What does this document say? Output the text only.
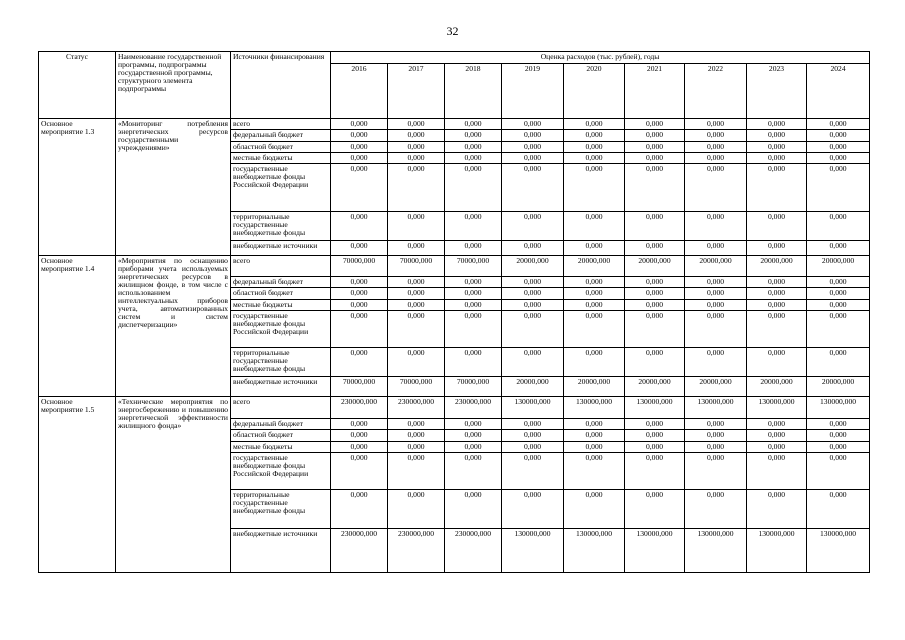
32
Статус	Наименование государственной программы, подпрограммы государственной программы, структурного элемента подпрограммы	Источники финансирования	Оценка расходов (тыс. рублей), годы								
			2016	2017	2018	2019	2020	2021	2022	2023	2024
Основное мероприятие 1.3	«Мониторинг потребления энергетических ресурсов государственными учреждениями»	всего	0,000	0,000	0,000	0,000	0,000	0,000	0,000	0,000	0,000
		федеральный бюджет	0,000	0,000	0,000	0,000	0,000	0,000	0,000	0,000	0,000
		областной бюджет	0,000	0,000	0,000	0,000	0,000	0,000	0,000	0,000	0,000
		местные бюджеты	0,000	0,000	0,000	0,000	0,000	0,000	0,000	0,000	0,000
		государственные внебюджетные фонды Российской Федерации	0,000	0,000	0,000	0,000	0,000	0,000	0,000	0,000	0,000
		территориальные государственные внебюджетные фонды	0,000	0,000	0,000	0,000	0,000	0,000	0,000	0,000	0,000
		внебюджетные источники	0,000	0,000	0,000	0,000	0,000	0,000	0,000	0,000	0,000
Основное мероприятие 1.4	«Мероприятия по оснащению приборами учета используемых энергетических ресурсов в жилищном фонде, в том числе с использованием интеллектуальных приборов учета, автоматизированных систем и систем диспетчеризации»	всего	70000,000	70000,000	70000,000	20000,000	20000,000	20000,000	20000,000	20000,000	20000,000
		федеральный бюджет	0,000	0,000	0,000	0,000	0,000	0,000	0,000	0,000	0,000
		областной бюджет	0,000	0,000	0,000	0,000	0,000	0,000	0,000	0,000	0,000
		местные бюджеты	0,000	0,000	0,000	0,000	0,000	0,000	0,000	0,000	0,000
		государственные внебюджетные фонды Российской Федерации	0,000	0,000	0,000	0,000	0,000	0,000	0,000	0,000	0,000
		территориальные государственные внебюджетные фонды	0,000	0,000	0,000	0,000	0,000	0,000	0,000	0,000	0,000
		внебюджетные источники	70000,000	70000,000	70000,000	20000,000	20000,000	20000,000	20000,000	20000,000	20000,000
Основное мероприятие 1.5	«Технические мероприятия по энергосбережению и повышению энергетической эффективности жилищного фонда»	всего	230000,000	230000,000	230000,000	130000,000	130000,000	130000,000	130000,000	130000,000	130000,000
		федеральный бюджет	0,000	0,000	0,000	0,000	0,000	0,000	0,000	0,000	0,000
		областной бюджет	0,000	0,000	0,000	0,000	0,000	0,000	0,000	0,000	0,000
		местные бюджеты	0,000	0,000	0,000	0,000	0,000	0,000	0,000	0,000	0,000
		государственные внебюджетные фонды Российской Федерации	0,000	0,000	0,000	0,000	0,000	0,000	0,000	0,000	0,000
		территориальные государственные внебюджетные фонды	0,000	0,000	0,000	0,000	0,000	0,000	0,000	0,000	0,000
		внебюджетные источники	230000,000	230000,000	230000,000	130000,000	130000,000	130000,000	130000,000	130000,000	130000,000
